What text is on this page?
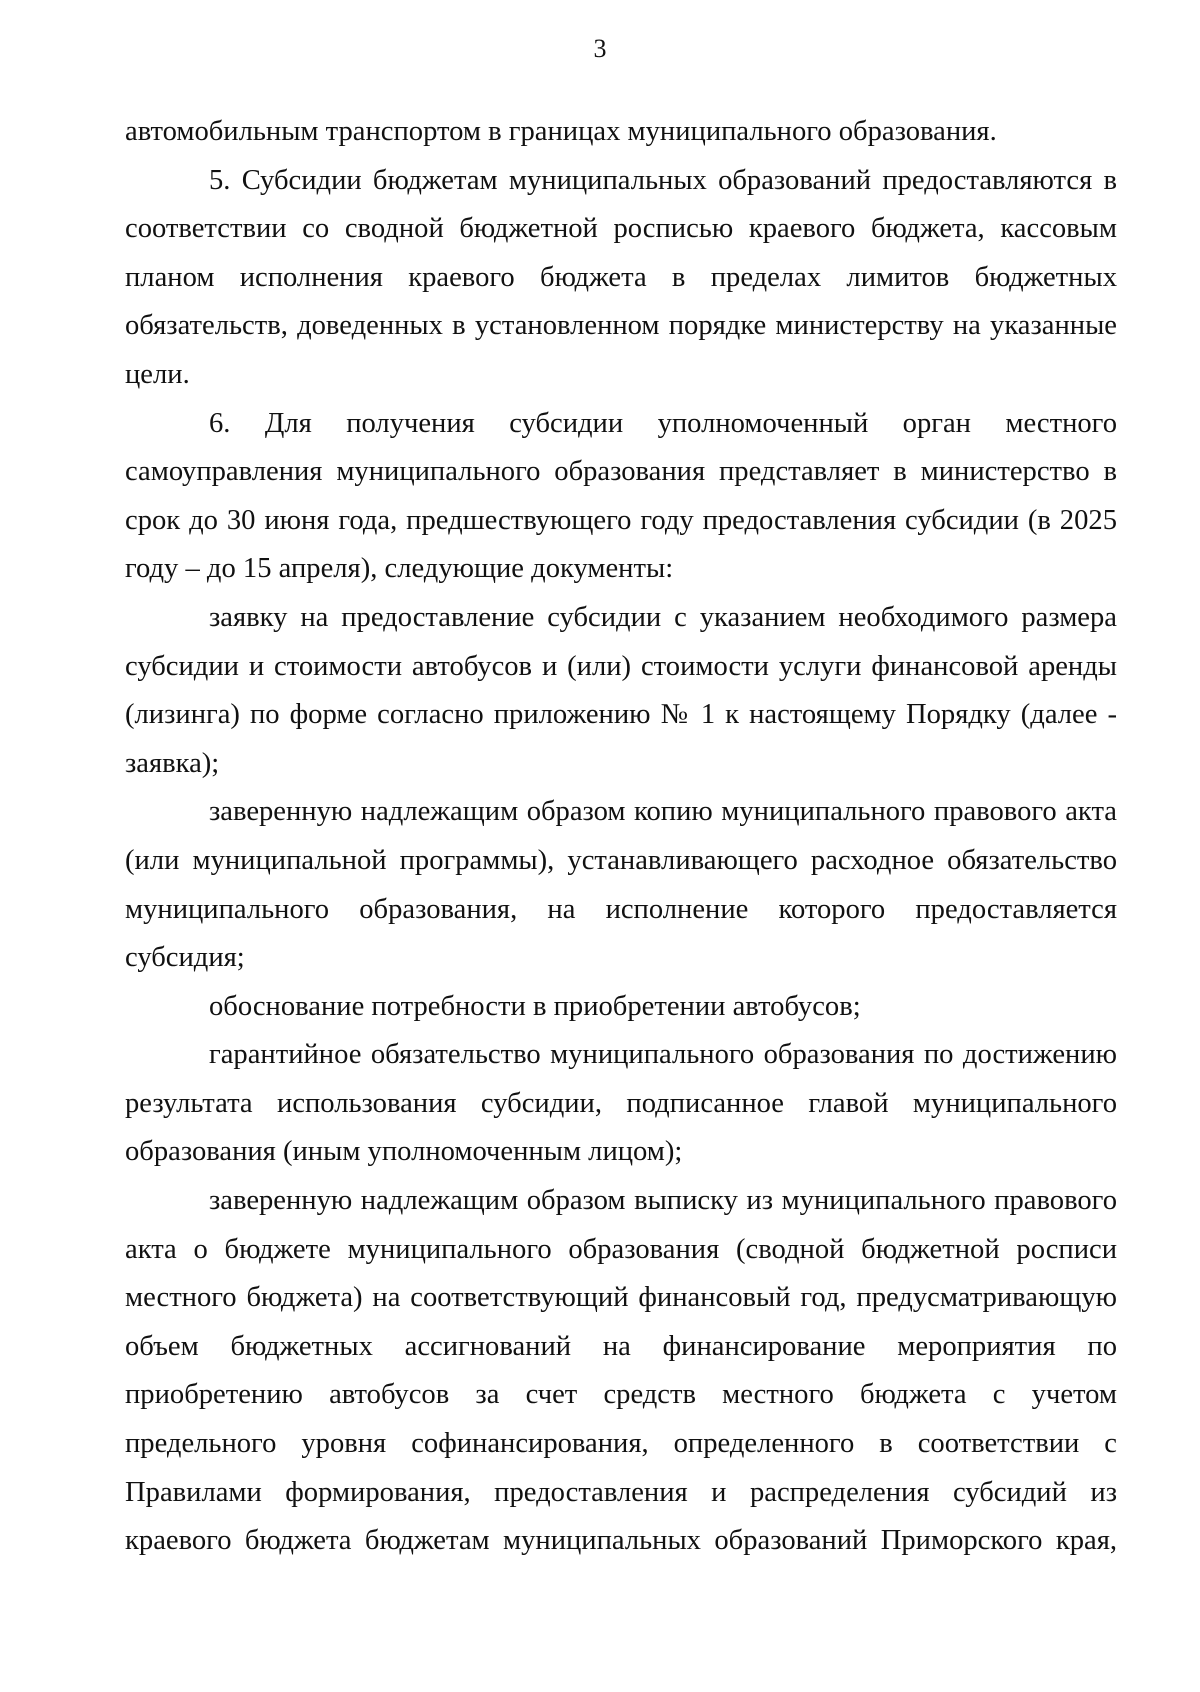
3

автомобильным транспортом в границах муниципального образования.

5. Субсидии бюджетам муниципальных образований предоставляются в соответствии со сводной бюджетной росписью краевого бюджета, кассовым планом исполнения краевого бюджета в пределах лимитов бюджетных обязательств, доведенных в установленном порядке министерству на указанные цели.

6. Для получения субсидии уполномоченный орган местного самоуправления муниципального образования представляет в министерство в срок до 30 июня года, предшествующего году предоставления субсидии (в 2025 году – до 15 апреля), следующие документы:

заявку на предоставление субсидии с указанием необходимого размера субсидии и стоимости автобусов и (или) стоимости услуги финансовой аренды (лизинга) по форме согласно приложению № 1 к настоящему Порядку (далее - заявка);

заверенную надлежащим образом копию муниципального правового акта (или муниципальной программы), устанавливающего расходное обязательство муниципального образования, на исполнение которого предоставляется субсидия;

обоснование потребности в приобретении автобусов;

гарантийное обязательство муниципального образования по достижению результата использования субсидии, подписанное главой муниципального образования (иным уполномоченным лицом);

заверенную надлежащим образом выписку из муниципального правового акта о бюджете муниципального образования (сводной бюджетной росписи местного бюджета) на соответствующий финансовый год, предусматривающую объем бюджетных ассигнований на финансирование мероприятия по приобретению автобусов за счет средств местного бюджета с учетом предельного уровня софинансирования, определенного в соответствии с Правилами формирования, предоставления и распределения субсидий из краевого бюджета бюджетам муниципальных образований Приморского края,
